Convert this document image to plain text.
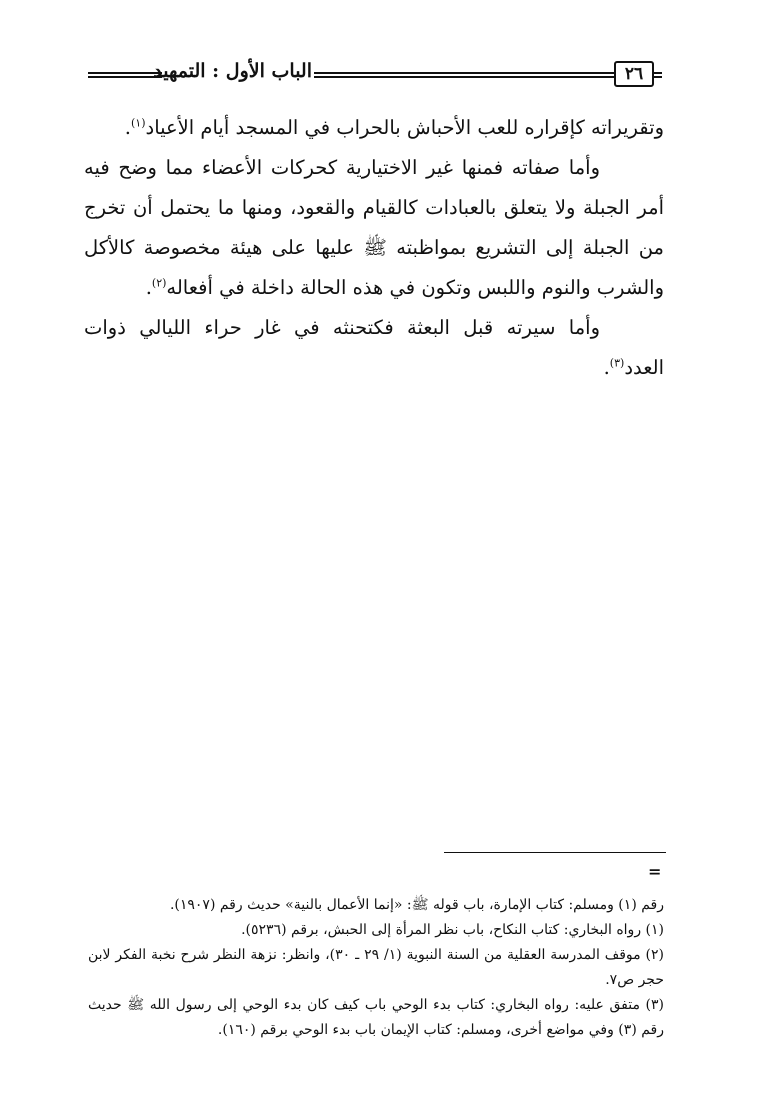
الباب الأول : التمهيد	٢٦

وتقريراته كإقراره للعب الأحباش بالحراب في المسجد أيام الأعياد$^{(١)}$.

وأما صفاته فمنها غير الاختيارية كحركات الأعضاء مما وضح فيه أمر الجبلة ولا يتعلق بالعبادات كالقيام والقعود، ومنها ما يحتمل أن تخرج من الجبلة إلى التشريع بمواظبته ﷺ عليها على هيئة مخصوصة كالأكل والشرب والنوم واللبس وتكون في هذه الحالة داخلة في أفعاله$^{(٢)}$.

وأما سيرته قبل البعثة فكتحنثه في غار حراء الليالي ذوات العدد$^{(٣)}$.

=

رقم (١) ومسلم: كتاب الإمارة، باب قوله ﷺ: «إنما الأعمال بالنية» حديث رقم (١٩٠٧).

(١) رواه البخاري: كتاب النكاح، باب نظر المرأة إلى الحبش، برقم (٥٢٣٦).

(٢) موقف المدرسة العقلية من السنة النبوية (١/ ٢٩ ـ ٣٠)، وانظر: نزهة النظر شرح نخبة الفكر لابن حجر ص٧.

(٣) متفق عليه: رواه البخاري: كتاب بدء الوحي باب كيف كان بدء الوحي إلى رسول الله ﷺ حديث رقم (٣) وفي مواضع أخرى، ومسلم: كتاب الإيمان باب بدء الوحي برقم (١٦٠).
